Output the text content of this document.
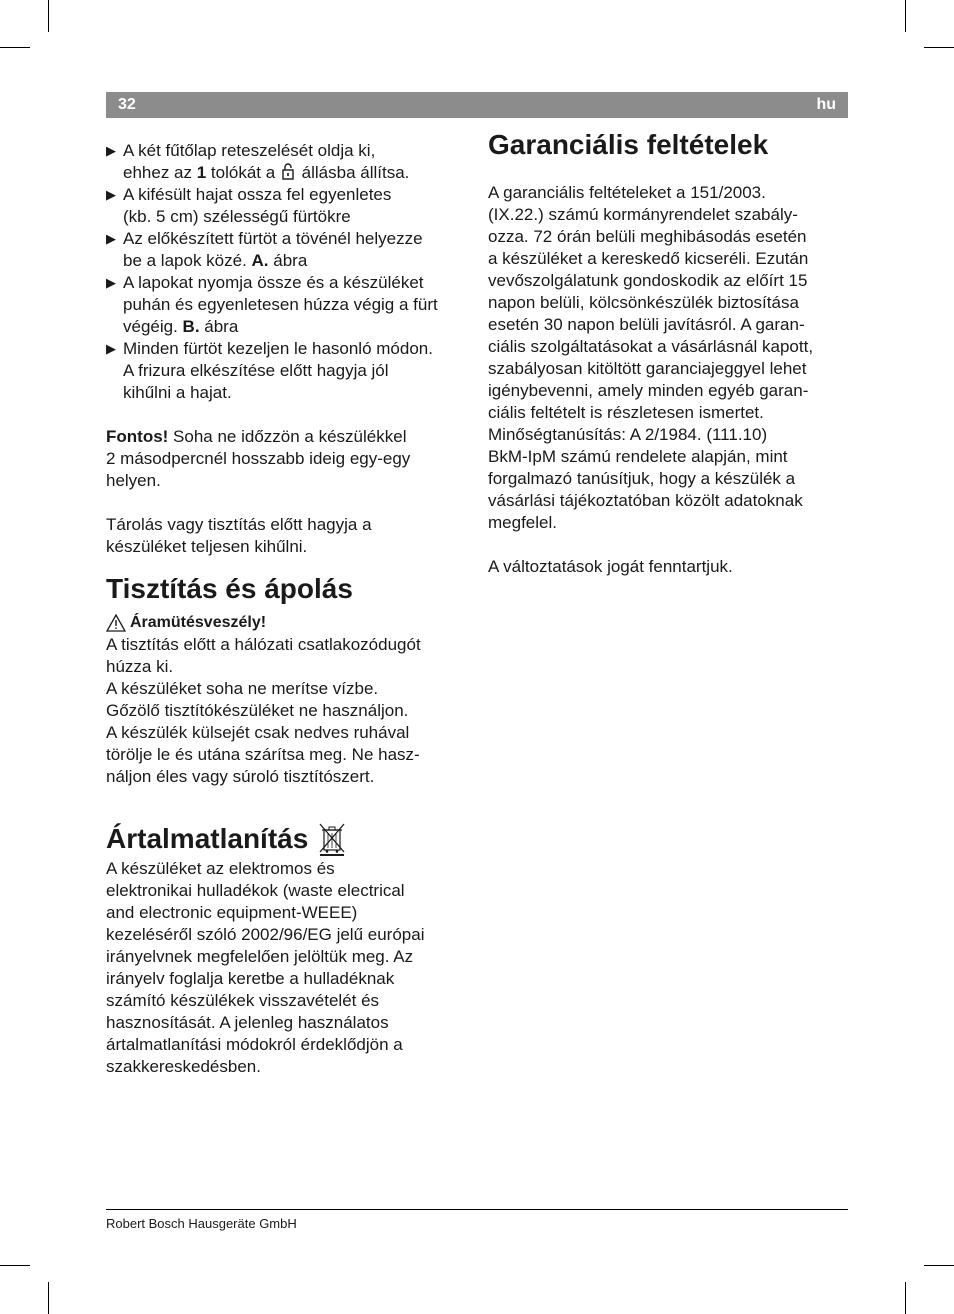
32	hu
▶ A két fűtőlap reteszelését oldja ki,
ehhez az 1 tolókát a  állásba állítsa.
▶ A kifésült hajat ossza fel egyenletes
(kb. 5 cm) szélességű fürtökre
▶ Az előkészített fürtöt a tövénél helyezze
be a lapok közé. A. ábra
▶ A lapokat nyomja össze és a készüléket
puhán és egyenletesen húzza végig a fürt
végéig. B. ábra
▶ Minden fürtöt kezeljen le hasonló módon.
A frizura elkészítése előtt hagyja jól
kihűlni a hajat.

Fontos! Soha ne időzzön a készülékkel
2 másodpercnél hosszabb ideig egy-egy
helyen.

Tárolás vagy tisztítás előtt hagyja a
készüléket teljesen kihűlni.

Tisztítás és ápolás
Áramütésveszély!

A tisztítás előtt a hálózati csatlakozódugót
húzza ki.
A készüléket soha ne merítse vízbe.
Gőzölő tisztítókészüléket ne használjon.
A készülék külsejét csak nedves ruhával
törölje le és utána szárítsa meg. Ne hasz-
náljon éles vagy súroló tisztítószert.

Ártalmatlanítás

A készüléket az elektromos és
elektronikai hulladékok (waste electrical
and electronic equipment-WEEE)
kezeléséről szóló 2002/96/EG jelű európai
irányelvnek megfelelően jelöltük meg. Az
irányelv foglalja keretbe a hulladéknak
számító készülékek visszavételét és
hasznosítását. A jelenleg használatos
ártalmatlanítási módokról érdeklődjön a
szakkereskedésben.

Garanciális feltételek

A garanciális feltételeket a 151/2003.
(IX.22.) számú kormányrendelet szabály-
ozza. 72 órán belüli meghibásodás esetén
a készüléket a kereskedő kicseréli. Ezután
vevőszolgálatunk gondoskodik az előírt 15
napon belüli, kölcsönkészülék biztosítása
esetén 30 napon belüli javításról. A garan-
ciális szolgáltatásokat a vásárlásnál kapott,
szabályosan kitöltött garanciajeggyel lehet
igénybevenni, amely minden egyéb garan-
ciális feltételt is részletesen ismertet.
Minőségtanúsítás: A 2/1984. (111.10)
BkM-IpM számú rendelete alapján, mint
forgalmazó tanúsítjuk, hogy a készülék a
vásárlási tájékoztatóban közölt adatoknak
megfelel.

A változtatások jogát fenntartjuk.

Robert Bosch Hausgeräte GmbH
